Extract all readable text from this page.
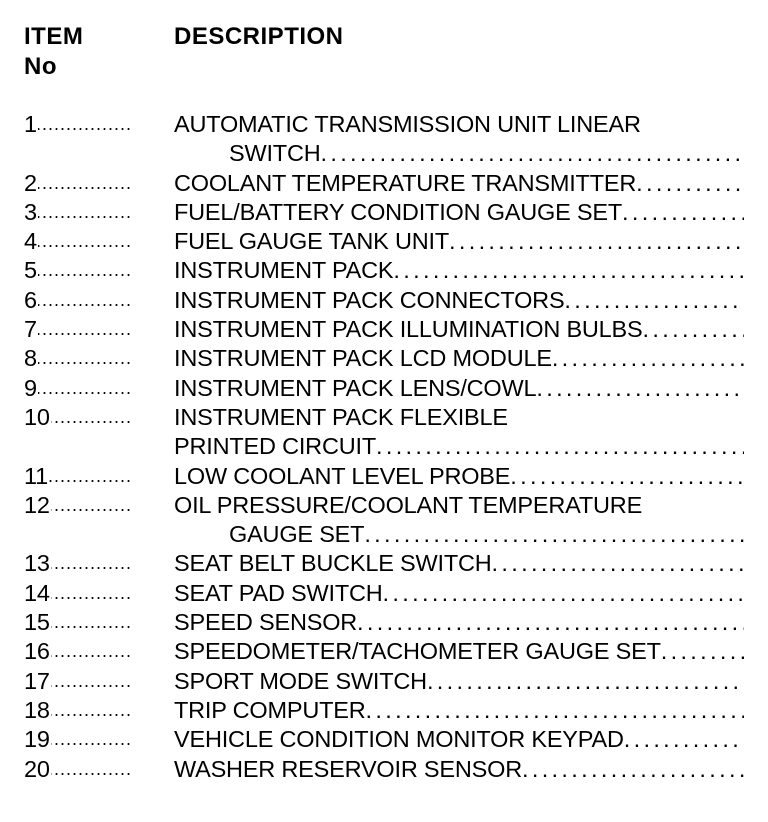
ITEM
No
DESCRIPTION
1 .....	AUTOMATIC TRANSMISSION UNIT LINEAR
SWITCH
. . .
2 .....	COOLANT TEMPERATURE TRANSMITTER
. . .
3 .....	FUEL/BATTERY CONDITION GAUGE SET
. . .
4 .....	FUEL GAUGE TANK UNIT
. . .
5 .....	INSTRUMENT PACK
. . .
6 .....	INSTRUMENT PACK CONNECTORS
. . .
7 .....	INSTRUMENT PACK ILLUMINATION BULBS
. . .
8 .....	INSTRUMENT PACK LCD MODULE
. . .
9 .....	INSTRUMENT PACK LENS/COWL
. . .
10 .....	INSTRUMENT PACK FLEXIBLE
PRINTED CIRCUIT
. . .
11 .....	LOW COOLANT LEVEL PROBE
. . .
12 .....	OIL PRESSURE/COOLANT TEMPERATURE
GAUGE SET
. . .
13 .....	SEAT BELT BUCKLE SWITCH
. . .
14 .....	SEAT PAD SWITCH
. . .
15 .....	SPEED SENSOR
. . .
16 .....	SPEEDOMETER/TACHOMETER GAUGE SET
. . .
17 .....	SPORT MODE SWITCH
. . .
18 .....	TRIP COMPUTER
. . .
19 .....	VEHICLE CONDITION MONITOR KEYPAD
. . .
20 .....	WASHER RESERVOIR SENSOR
. . .
